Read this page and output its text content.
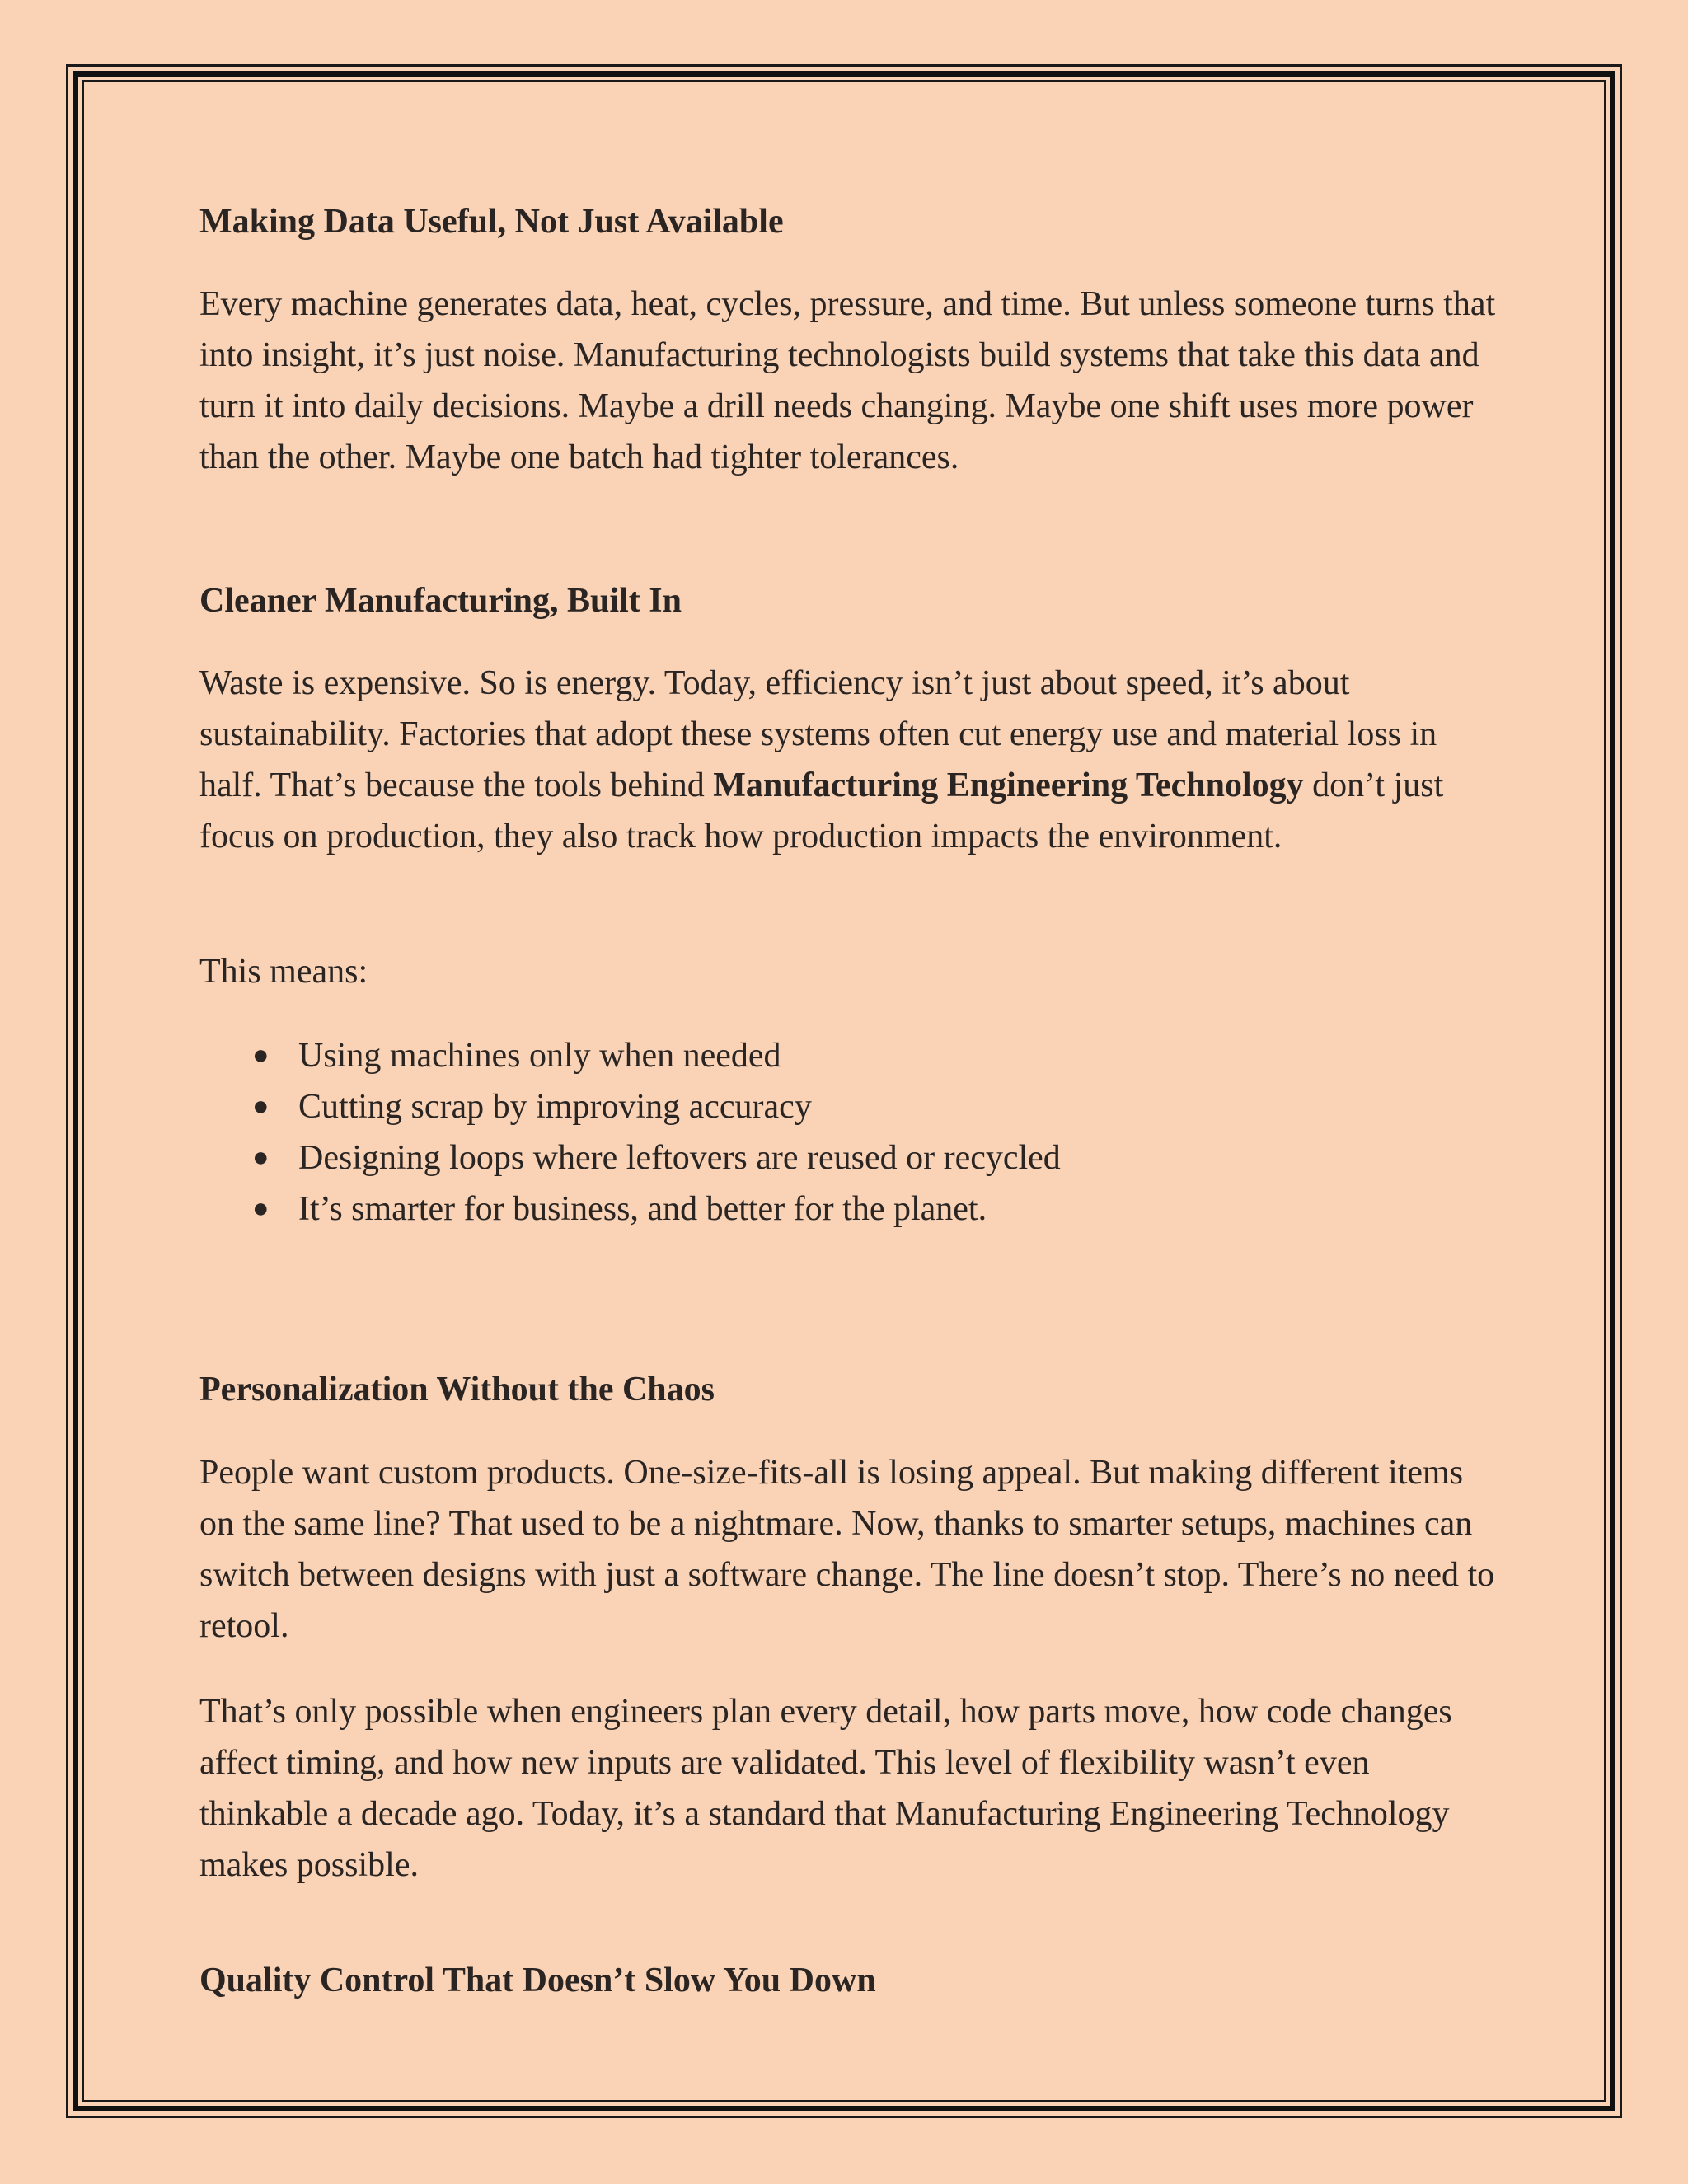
Making Data Useful, Not Just Available

Every machine generates data, heat, cycles, pressure, and time. But unless someone turns that into insight, it’s just noise. Manufacturing technologists build systems that take this data and turn it into daily decisions. Maybe a drill needs changing. Maybe one shift uses more power than the other. Maybe one batch had tighter tolerances.

Cleaner Manufacturing, Built In

Waste is expensive. So is energy. Today, efficiency isn’t just about speed, it’s about sustainability. Factories that adopt these systems often cut energy use and material loss in half. That’s because the tools behind Manufacturing Engineering Technology don’t just focus on production, they also track how production impacts the environment.

This means:

● Using machines only when needed
● Cutting scrap by improving accuracy
● Designing loops where leftovers are reused or recycled
● It’s smarter for business, and better for the planet.
Personalization Without the Chaos

People want custom products. One-size-fits-all is losing appeal. But making different items on the same line? That used to be a nightmare. Now, thanks to smarter setups, machines can switch between designs with just a software change. The line doesn’t stop. There’s no need to retool.

That’s only possible when engineers plan every detail, how parts move, how code changes affect timing, and how new inputs are validated. This level of flexibility wasn’t even thinkable a decade ago. Today, it’s a standard that Manufacturing Engineering Technology makes possible.

Quality Control That Doesn’t Slow You Down
